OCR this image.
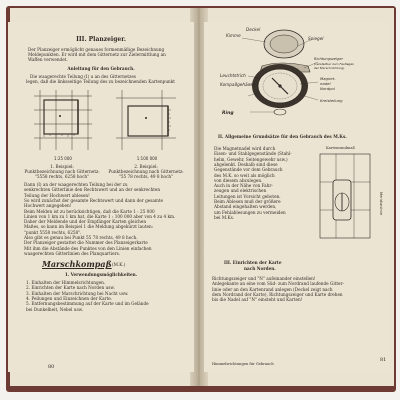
III. Planzeiger.
Der Planzeiger ermöglicht genaues formenmäßige Bezeichnung
Meldepunkten. Er wird mit dem Gitternetz zur Zielermittlung an
Waffen verwendet.
Anleitung für den Gebrauch.
Die waagerechte Teilung (I) u an des Gitternetzes
legen, daß die linksseitige Teilung des zu bezeichnenden Kartenpunkt
1:25 000
1. Beispiel:
Punktbezeichnung nach Gitternetz:
"5558 rechts, 6258 hoch"
1:100 000
2. Beispiel:
Punktbezeichnung nach Gitternetz:
"55 78 rechts, 49 8 hoch"
Dann (I) an der waagerechten Teilung bei der zu
senkrechten Gitterlinie den Rechtswert und an der senkrechten
Teilung der Hochwert ablesen!
So wird zunächst der gesamte Rechtswert und dann der gesamte
Hochwert angegeben!
Beim Melden ist zu berücksichtigen, daß die Karte 1 : 25 000
Linien von 1 km zu 1 km hat, die Karte 1 : 100 000 aber von 4 zu 4 km.
Daher der Meldende und der Empfänger Karten gleichen
Maßes, so kann im Beispiel 1 die Meldung abgekürzt lauten:
"punkt 5558 rechts, 6258".
Also gibt es genau bei Punkt 55 78 rechts, 49 8 hoch.
Der Planzeiger gestattet die Nummer des Planzeigerkarte
Mit ihm die Abstände des Punktes von den Linien einfachen
waagerechten Gitterlinien des Planquartiers.
Marschkompaß (M.K.)
1. Verwendungsmöglichkeiten.
1. Einhalten der Himmelsrichtungen.
2. Einrichten der Karte nach Norden usw.
3. Einhalten der Marschrichtung bei Nacht usw.
4. Peilungen und Einzeichnen der Karte.
5. Entfernungsbestimmung auf der Karte und im Gelände
bei Dunkelheit, Nebel usw.
80
Kimme
Deckel
Spiegel
Richtungszeiger
(verstellbar zum Festlegen
der Marschrichtung)
Leuchtstrich
Kompaßgehäuse
Magnet-
nadel
Nordpol
Kreisteilung
Ring
II. Allgemeine Grundsätze für den Gebrauch des M.Ks.
Die Magnetnadel wird durch
Eisen- und Stahlgegenstände (Stahl-
helm, Gewehr, Seitengewehr usw.)
abgelenkt. Deshalb sind diese
Gegenstände vor dem Gebrauch
des M.K. so weit als möglich
von diesem abzulegen.
Auch in der Nähe von Fahr-
zeugen und elektrischen
Leitungen ist Vorsicht geboten.
Beim Ablesen muß der größere
Abstand eingehalten werden,
um Fehlablesungen zu vermeiden
bei M.Ks.
Kartenrandmaß
Meridianlinie
III. Einrichten der Karte
nach Norden.
Richtungszeiger und "N" aufeinander einstellen!
Anlegekante an eine vom Süd- zum Nordrand laufende Gitter-
linie oder an den Kartenrand anlegen (Deckel zeigt nach
dem Nordrand der Karte), Richtungszeiger und Karte drehen
bis die Nadel auf "N" einsteht und Karten!
Himmelsrichtungen für Gebrauch
81
